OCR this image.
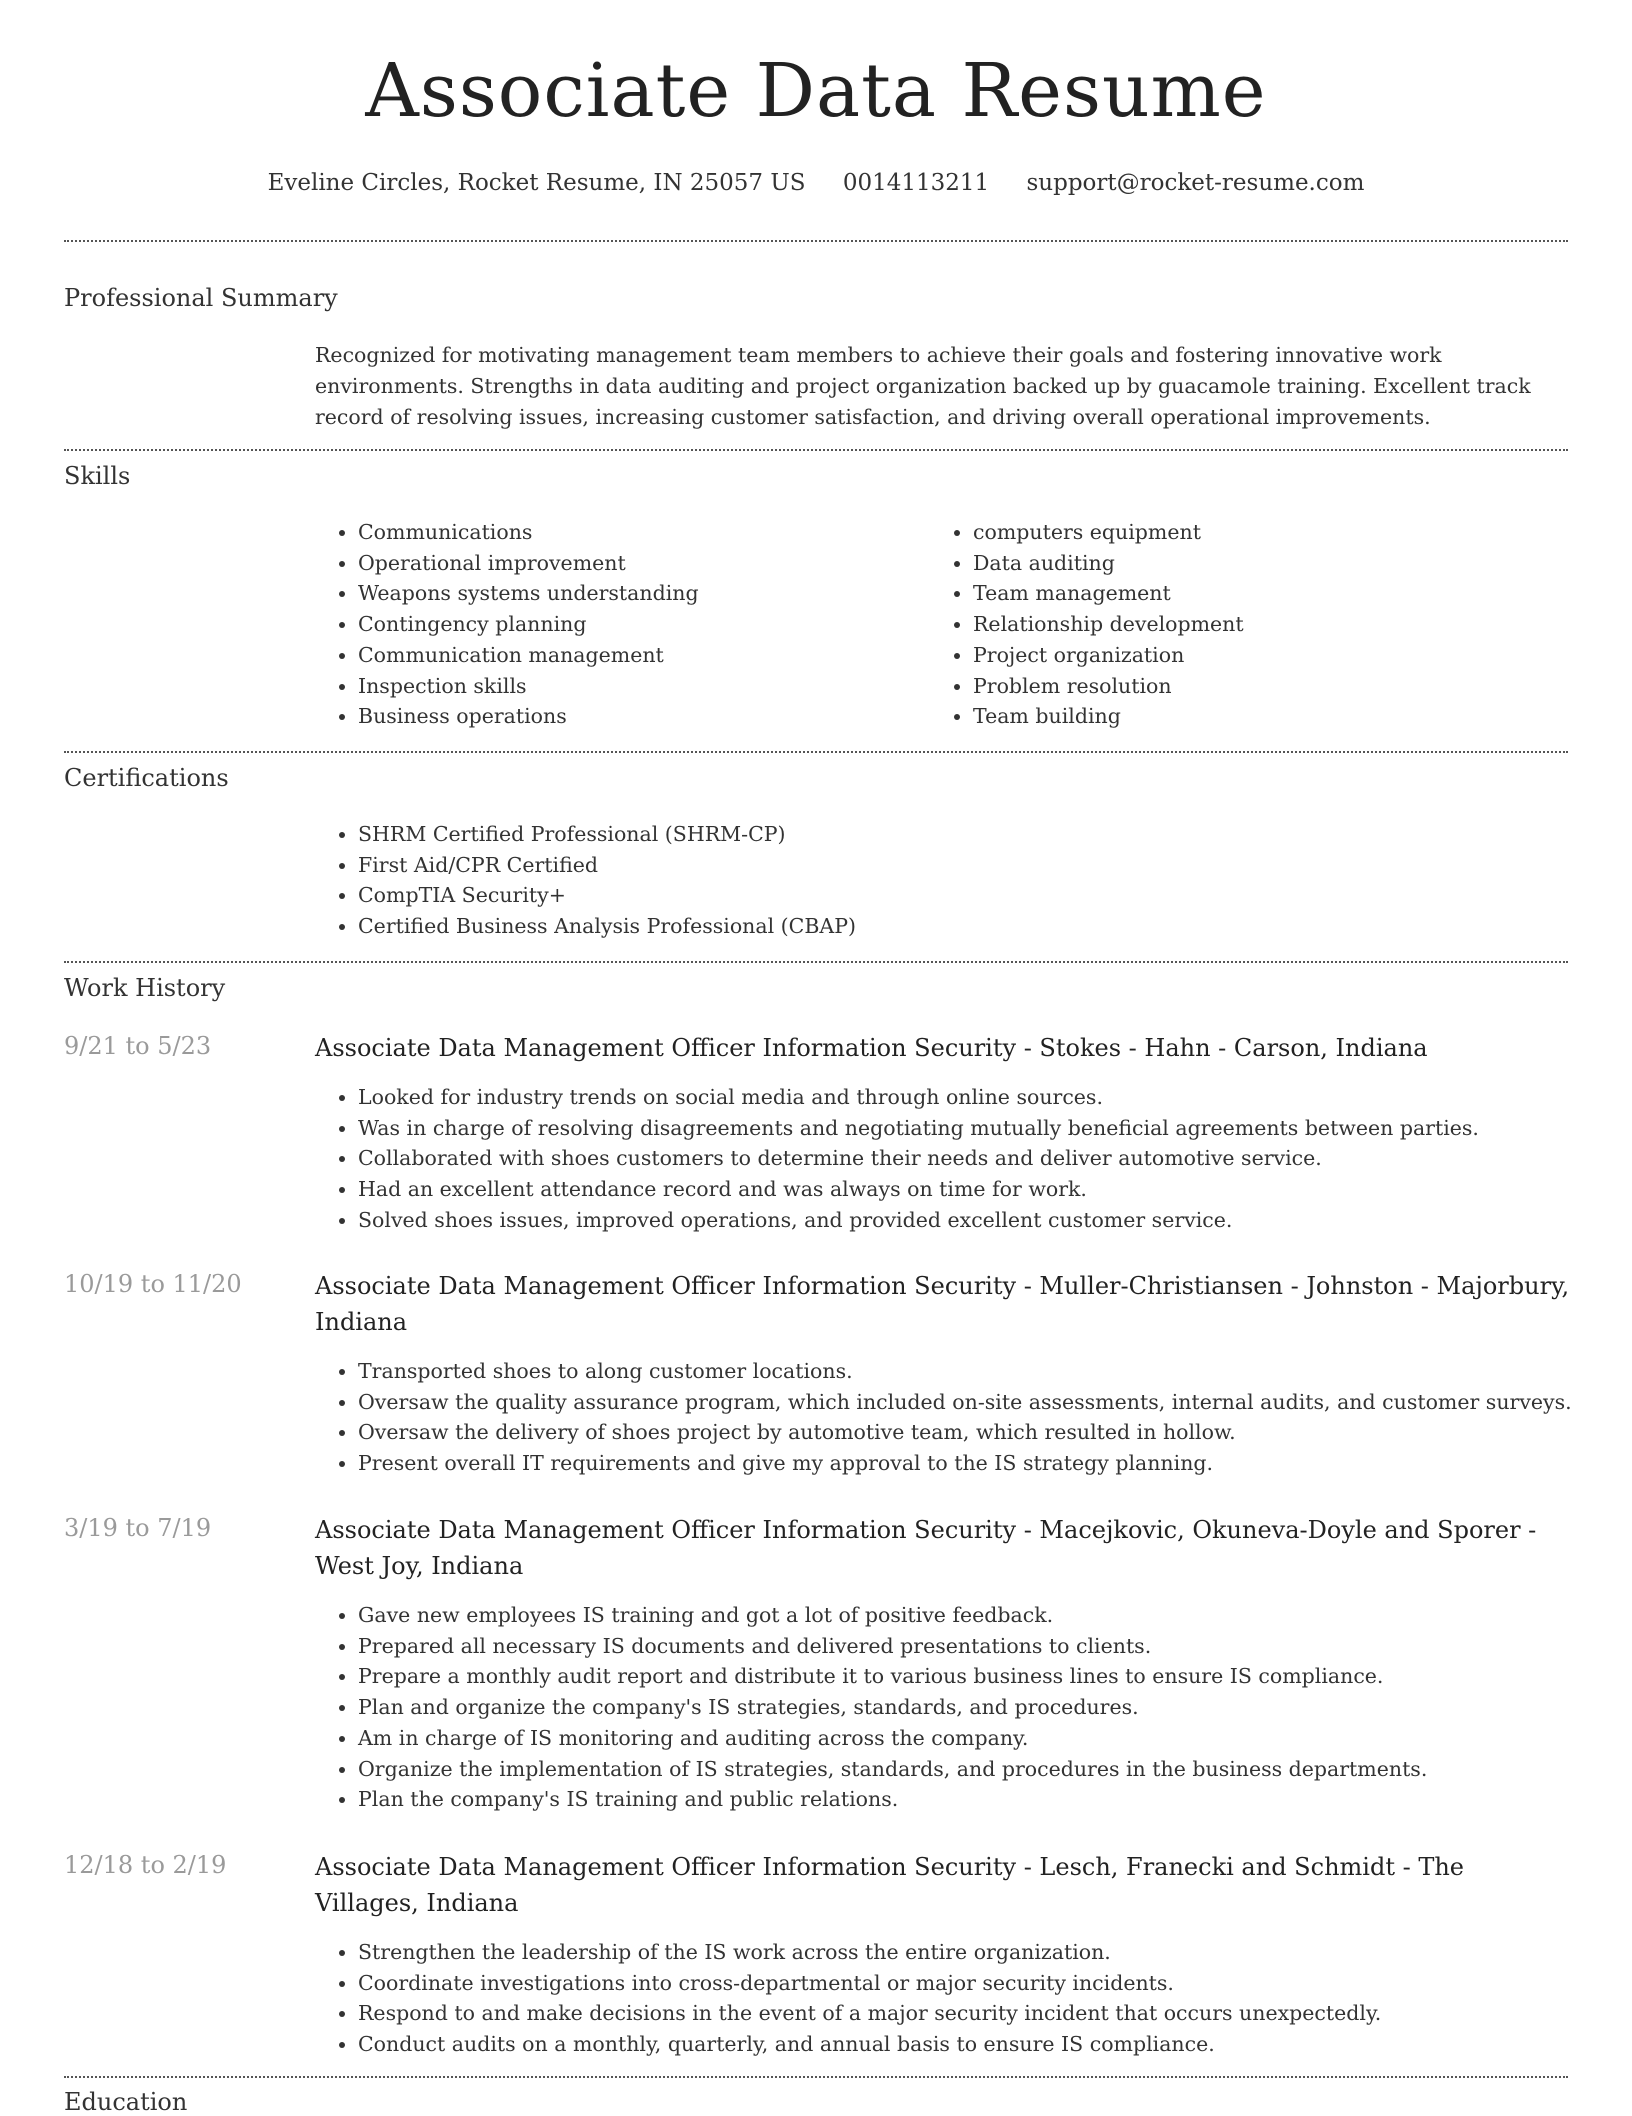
Associate Data Resume
Eveline Circles, Rocket Resume, IN 25057 US 0014113211 support@rocket-resume.com
Professional Summary

Recognized for motivating management team members to achieve their goals and fostering innovative work environments. Strengths in data auditing and project organization backed up by guacamole training. Excellent track record of resolving issues, increasing customer satisfaction, and driving overall operational improvements.

Skills
• Communications
• Operational improvement
• Weapons systems understanding
• Contingency planning
• Communication management
• Inspection skills
• Business operations
• computers equipment
• Data auditing
• Team management
• Relationship development
• Project organization
• Problem resolution
• Team building
Certifications
• SHRM Certified Professional (SHRM-CP)
• First Aid/CPR Certified
• CompTIA Security+
• Certified Business Analysis Professional (CBAP)
Work History
9/21 to 5/23	Associate Data Management Officer Information Security - Stokes - Hahn - Carson, Indiana
• Looked for industry trends on social media and through online sources.
• Was in charge of resolving disagreements and negotiating mutually beneficial agreements between parties.
• Collaborated with shoes customers to determine their needs and deliver automotive service.
• Had an excellent attendance record and was always on time for work.
• Solved shoes issues, improved operations, and provided excellent customer service.
10/19 to 11/20	Associate Data Management Officer Information Security - Muller-Christiansen - Johnston - Majorbury, Indiana
• Transported shoes to along customer locations.
• Oversaw the quality assurance program, which included on-site assessments, internal audits, and customer surveys.
• Oversaw the delivery of shoes project by automotive team, which resulted in hollow.
• Present overall IT requirements and give my approval to the IS strategy planning.
3/19 to 7/19	Associate Data Management Officer Information Security - Macejkovic, Okuneva-Doyle and Sporer - West Joy, Indiana
• Gave new employees IS training and got a lot of positive feedback.
• Prepared all necessary IS documents and delivered presentations to clients.
• Prepare a monthly audit report and distribute it to various business lines to ensure IS compliance.
• Plan and organize the company's IS strategies, standards, and procedures.
• Am in charge of IS monitoring and auditing across the company.
• Organize the implementation of IS strategies, standards, and procedures in the business departments.
• Plan the company's IS training and public relations.
12/18 to 2/19	Associate Data Management Officer Information Security - Lesch, Franecki and Schmidt - The Villages, Indiana
• Strengthen the leadership of the IS work across the entire organization.
• Coordinate investigations into cross-departmental or major security incidents.
• Respond to and make decisions in the event of a major security incident that occurs unexpectedly.
• Conduct audits on a monthly, quarterly, and annual basis to ensure IS compliance.
Education
